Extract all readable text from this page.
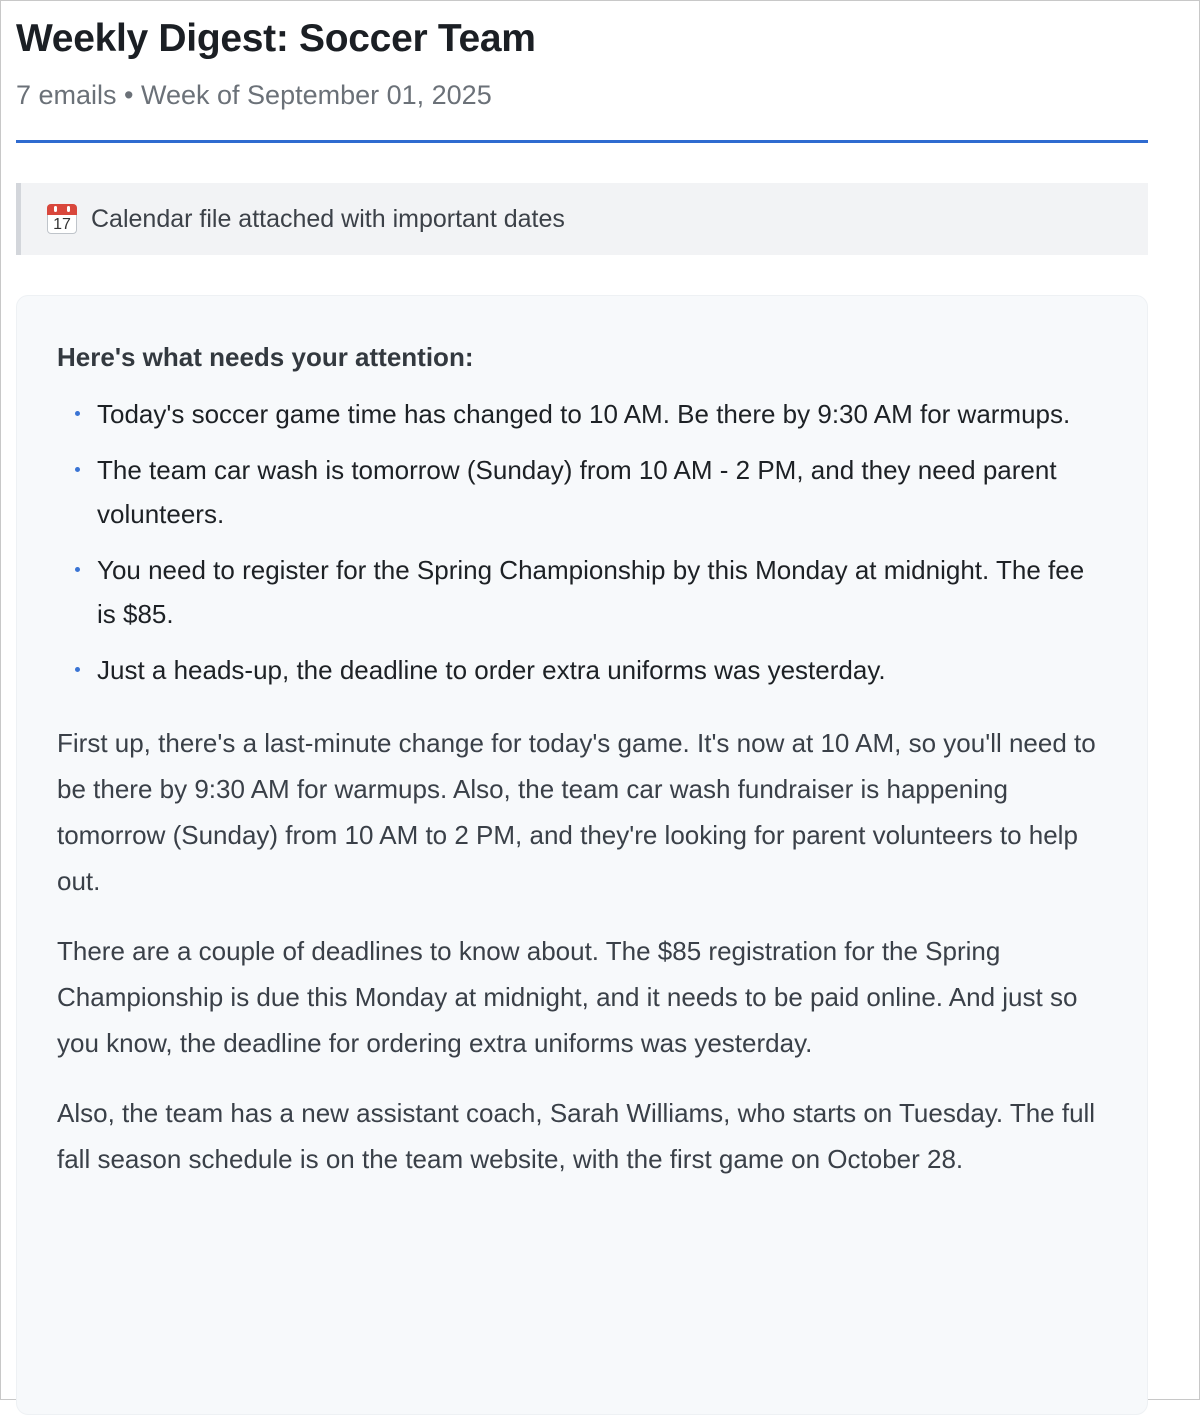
Weekly Digest: Soccer Team
7 emails • Week of September 01, 2025
17 Calendar file attached with important dates
Here's what needs your attention:
Today's soccer game time has changed to 10 AM. Be there by 9:30 AM for warmups.
The team car wash is tomorrow (Sunday) from 10 AM - 2 PM, and they need parent volunteers.
You need to register for the Spring Championship by this Monday at midnight. The fee is $85.
Just a heads-up, the deadline to order extra uniforms was yesterday.

First up, there's a last-minute change for today's game. It's now at 10 AM, so you'll need to be there by 9:30 AM for warmups. Also, the team car wash fundraiser is happening tomorrow (Sunday) from 10 AM to 2 PM, and they're looking for parent volunteers to help out.

There are a couple of deadlines to know about. The $85 registration for the Spring Championship is due this Monday at midnight, and it needs to be paid online. And just so you know, the deadline for ordering extra uniforms was yesterday.

Also, the team has a new assistant coach, Sarah Williams, who starts on Tuesday. The full fall season schedule is on the team website, with the first game on October 28.
